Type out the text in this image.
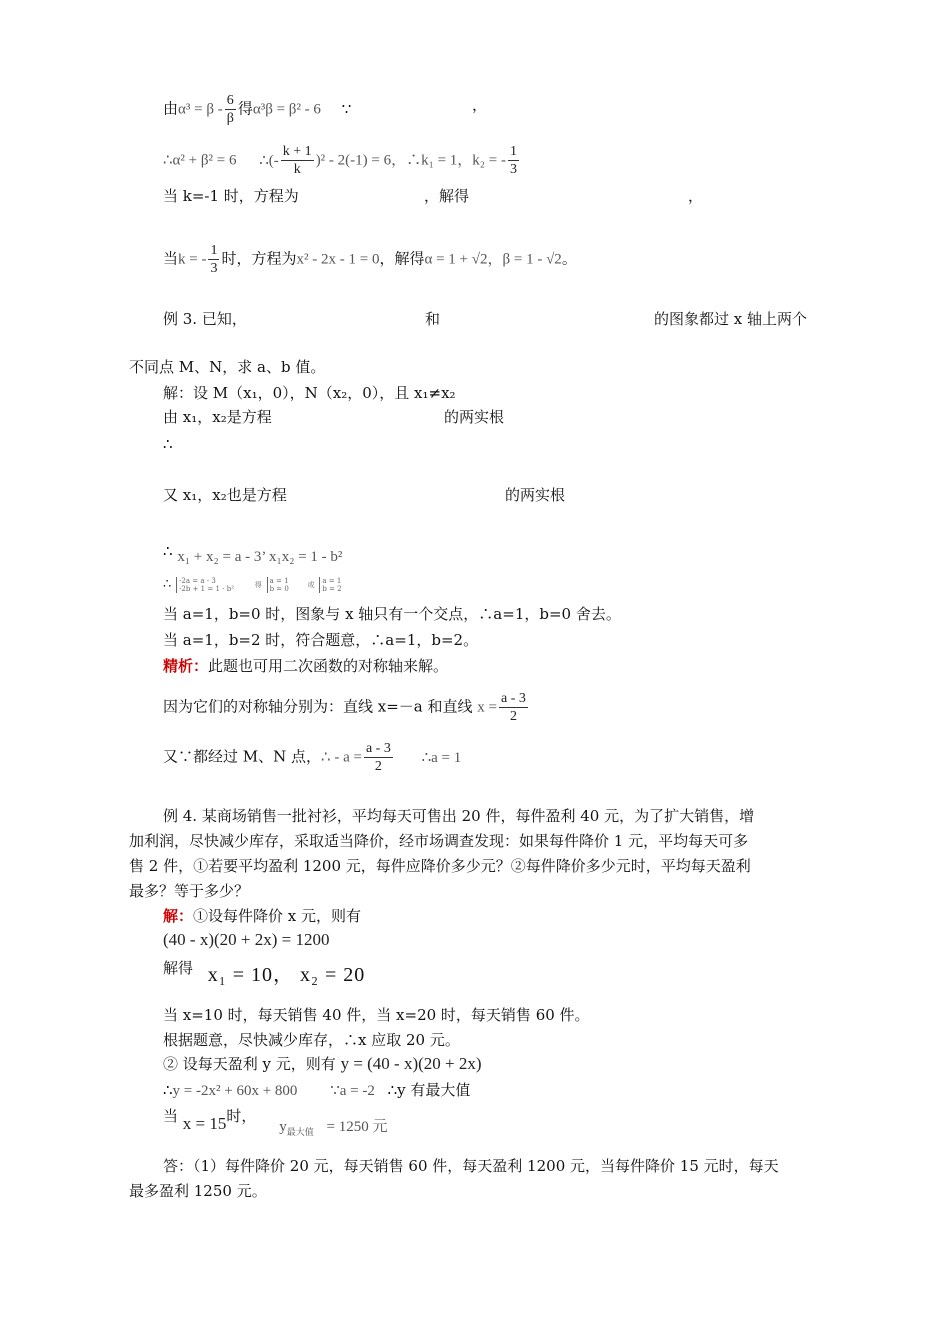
由$\alpha^3 = \beta - \frac{6}{\beta}$ 得α³β = β² - 6 ∵	，
∴α² + β² = 6 ∴(- $\frac{k + 1}{k} )^2 - 2(-1) = 6$，∴k₁ = 1，k₂ = - $\frac{1}{3}$
当 k=-1 时，方程为	，解得	，
当k = - $\frac{1}{3}$ 时，方程为x² - 2x - 1 = 0，解得α = 1 + √2，β = 1 - √2。
例 3. 已知，	和	的图象都过 x 轴上两个
不同点 M、N，求 a、b 值。
解：设 M（x₁，0），N（x₂，0），且 x₁≠x₂
由 x₁，x₂是方程	的两实根
∴
又 x₁，x₂也是方程	的两实根
∴ x₁ + x₂ = a - 3’ x₁x₂ = 1 - b²
∴ -2a = a - 3
-2b + 1 = 1 - b²	得 a = 1
b = 0	或 a = 1
b = 2
当 a=1，b=0 时，图象与 x 轴只有一个交点，∴a=1，b=0 舍去。
当 a=1，b=2 时，符合题意，∴a=1，b=2。
精析：此题也可用二次函数的对称轴来解。
因为它们的对称轴分别为：直线 x=－a 和直线 $x = \frac{a - 3}{2}$
又∵都经过 M、N 点，∴ - $a = \frac{a - 3}{2}$ ∴a = 1
例 4. 某商场销售一批衬衫，平均每天可售出 20 件，每件盈利 40 元，为了扩大销售，增
加利润，尽快减少库存，采取适当降价，经市场调查发现：如果每件降价 1 元，平均每天可多
售 2 件，①若要平均盈利 1200 元，每件应降价多少元？②每件降价多少元时，平均每天盈利
最多？等于多少？
解：①设每件降价 x 元，则有
(40 - x)(20 + 2x) = 1200
解得 x₁ = 10， x₂ = 20
当 x=10 时，每天销售 40 件，当 x=20 时，每天销售 60 件。
根据题意，尽快减少库存，∴x 应取 20 元。
② 设每天盈利 y 元，则有 y = (40 - x)(20 + 2x)
∴y = -2x² + 60x + 800 ∵a = -2 ∴y 有最大值
当 x = 15时， $y_{最大值} = 1250$ 元
答：（1）每件降价 20 元，每天销售 60 件，每天盈利 1200 元，当每件降价 15 元时，每天
最多盈利 1250 元。
